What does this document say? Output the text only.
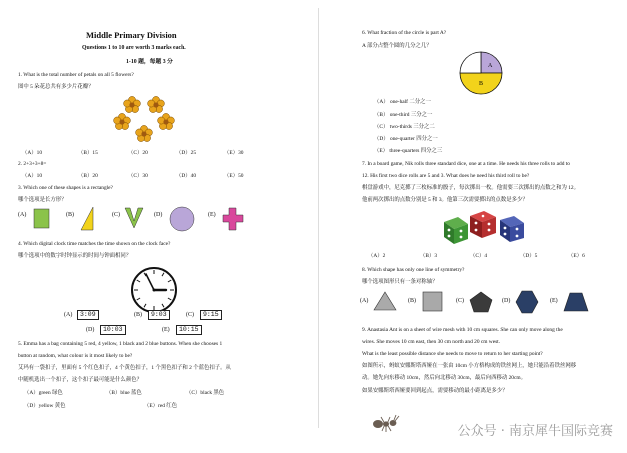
Middle Primary Division
Questions 1 to 10 are worth 3 marks each.
1-10 题，每题 3 分
1. What is the total number of petals on all 5 flowers?
图中 5 朵花总共有多少片花瓣？
（A）10	（B）15	（C）20	（D）25	（E）30
2. 2+3+3+8=
（A）10	（B）20	（C）30	（D）40	（E）50
3. Which one of these shapes is a rectangle?
哪个选项是长方形？
(A)	(B)	(C)	(D)	(E)
4. Which digital clock time matches the time shown on the clock face?
哪个选项中的数字时钟显示的时间与钟面相同？
(A)	3:09	(B)	9:03	(C)	9:15
(D)	10:03	(E)	10:15
5. Emma has a bag containing 5 red, 4 yellow, 1 black and 2 blue buttons. When she chooses 1
button at random, what colour is it most likely to be?
艾玛有一袋扣子，里面有 5 个红色扣子，4 个黄色扣子，1 个黑色扣子和 2 个蓝色扣子。从
中随机选出一个扣子，这个扣子最可能是什么颜色？
（A）green 绿色	（B）blue 蓝色	（C）black 黑色
（D）yellow 黄色	（E）red 红色
6. What fraction of the circle is part A?
A 部分占整个圆的几分之几？
A
B
（A） one-half 二分之一
（B） one-third 三分之一
（C） two-thirds 三分之二
（D） one-quarter 四分之一
（E） three-quarters 四分之三
7. In a board game, Nik rolls three standard dice, one at a time. He needs his three rolls to add to
12. His first two dice rolls are 5 and 3. What does he need his third roll to be?
棋盘游戏中，尼克掷了三枚标准的骰子，每次掷出一枚。他需要三次掷出的点数之和为 12。
他前两次掷出的点数分别是 5 和 3。他第三次需要掷出的点数是多少？
（A）2	（B）3	（C）4	（D）5	（E）6
8. Which shape has only one line of symmetry?
哪个选项图形只有一条对称轴？
(A)	(B)	(C)	(D)	(E)
9. Anastasia Ant is on a sheet of wire mesh with 10 cm squares. She can only move along the
wires. She moves 10 cm east, then 30 cm north and 20 cm west.
What is the least possible distance she needs to move to return to her starting point?
如图所示，蚂蚁安娜斯塔西娅在一张由 10cm 小方格构成的铁丝网上，她只能沿着铁丝网移
动。她先向东移动 10cm，然后向北移动 30cm，最后向西移动 20cm。
如果安娜斯塔西娅要回到起点，需要移动的最小距离是多少？
公众号 · 南京犀牛国际竞赛
